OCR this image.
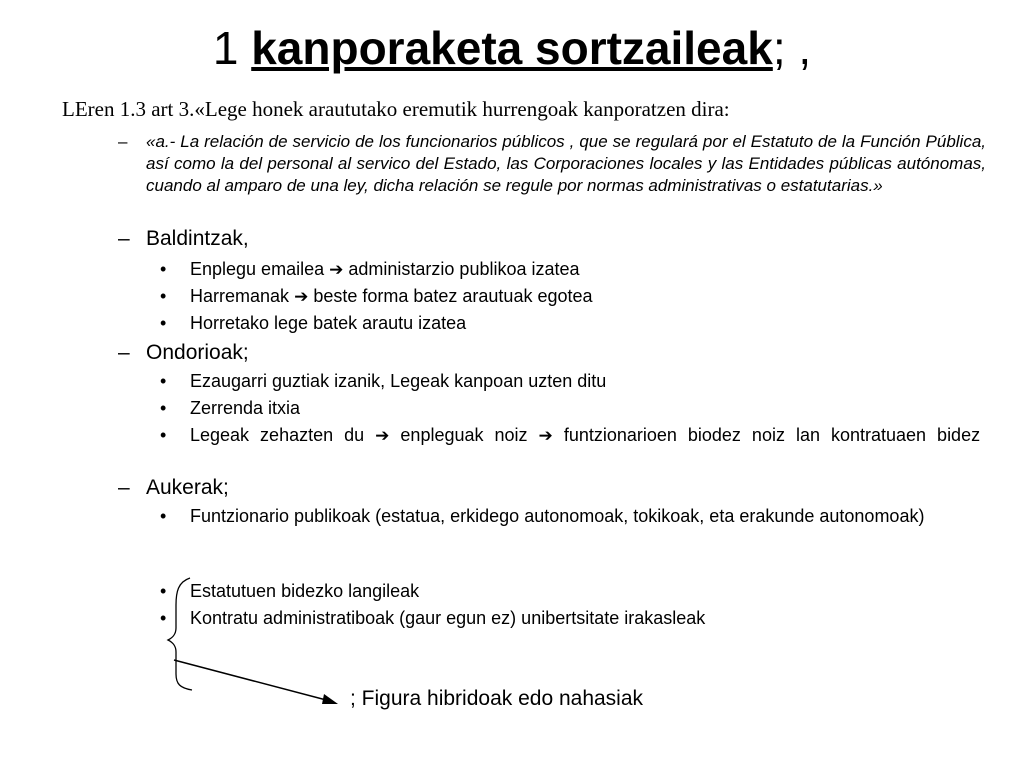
1 kanporaketa sortzaileak; ,
LEren 1.3 art 3.«Lege honek araututako eremutik hurrengoak kanporatzen dira:
–	«a.- La relación de servicio de los funcionarios públicos , que se regulará por el Estatuto de la Función Pública, así como la del personal al servico del Estado, las Corporaciones locales y las Entidades públicas autónomas, cuando al amparo de una ley, dicha relación se regule por normas administrativas o estatutarias.»
– Baldintzak,
•	Enplegu emailea ➔ administarzio publikoa izatea
•	Harremanak ➔ beste forma batez arautuak egotea
•	Horretako lege batek arautu izatea
– Ondorioak;
•	Ezaugarri guztiak izanik, Legeak kanpoan uzten ditu
•	Zerrenda itxia
•	Legeak zehazten du ➔ enpleguak noiz ➔ funtzionarioen biodez noiz lan kontratuaen bidez
– Aukerak;
•	Funtzionario publikoak (estatua, erkidego autonomoak, tokikoak, eta erakunde autonomoak)
•	Estatutuen bidezko langileak
•	Kontratu administratiboak (gaur egun ez) unibertsitate irakasleak
; Figura hibridoak edo nahasiak
